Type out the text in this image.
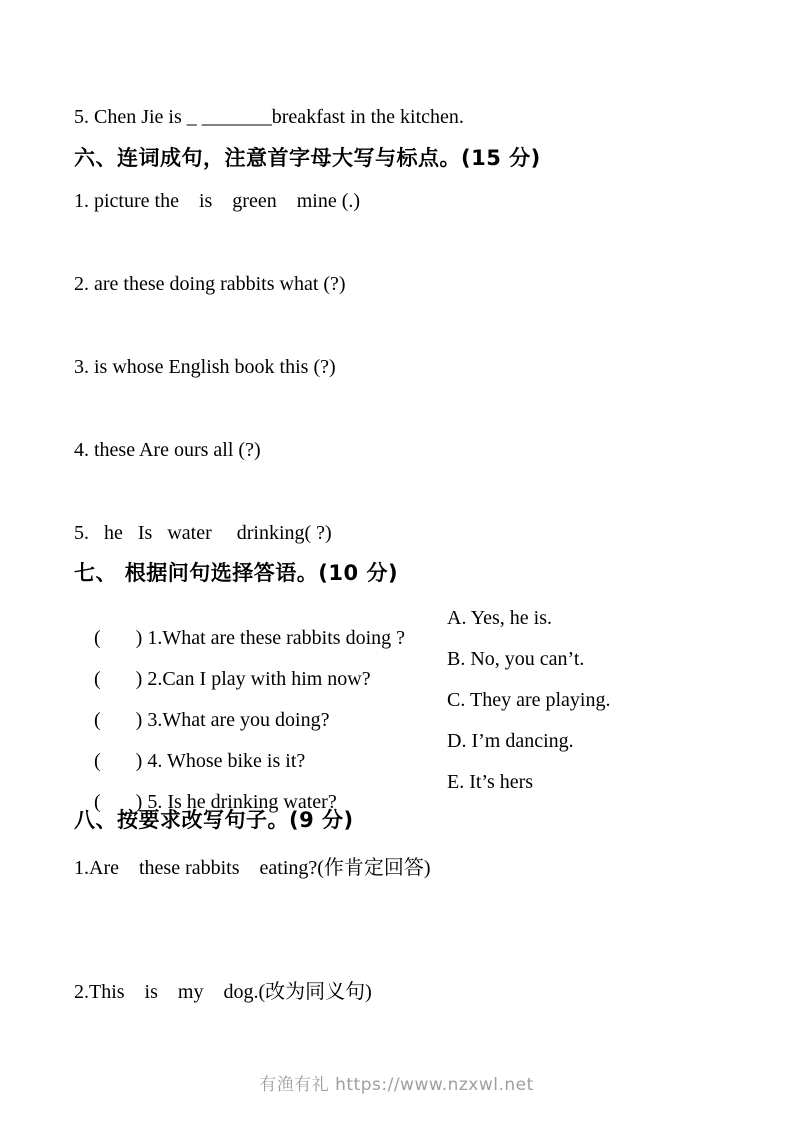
5. Chen Jie is _ _______breakfast in the kitchen.
六、连词成句，注意首字母大写与标点。(15 分)
1. picture the    is    green    mine (.)
2. are these doing rabbits what (?)
3. is whose English book this (?)
4. these Are ours all (?)
5.   he   Is   water     drinking( ?)
七、 根据问句选择答语。(10 分)

(       ) 1.What are these rabbits doing ?

A. Yes, he is.

(       ) 2.Can I play with him now?

B. No, you can’t.

(       ) 3.What are you doing?

C. They are playing.

(       ) 4. Whose bike is it?

D. I’m dancing.

(       ) 5. Is he drinking water?

E. It’s hers

八、按要求改写句子。(9 分)
1.Are    these rabbits    eating?(作肯定回答)
2.This    is    my    dog.(改为同义句)
有渔有礼 https://www.nzxwl.net
